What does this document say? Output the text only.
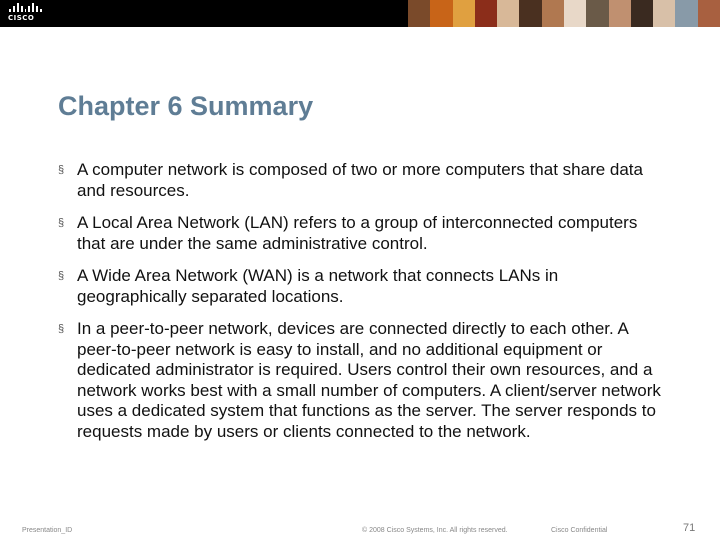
CISCO
Chapter 6 Summary
§ A computer network is composed of two or more computers that share data and resources.
§ A Local Area Network (LAN) refers to a group of interconnected computers that are under the same administrative control.
§ A Wide Area Network (WAN) is a network that connects LANs in geographically separated locations.
§ In a peer-to-peer network, devices are connected directly to each other. A peer-to-peer network is easy to install, and no additional equipment or dedicated administrator is required. Users control their own resources, and a network works best with a small number of computers. A client/server network uses a dedicated system that functions as the server. The server responds to requests made by users or clients connected to the network.
Presentation_ID	© 2008 Cisco Systems, Inc. All rights reserved.	Cisco Confidential	71
